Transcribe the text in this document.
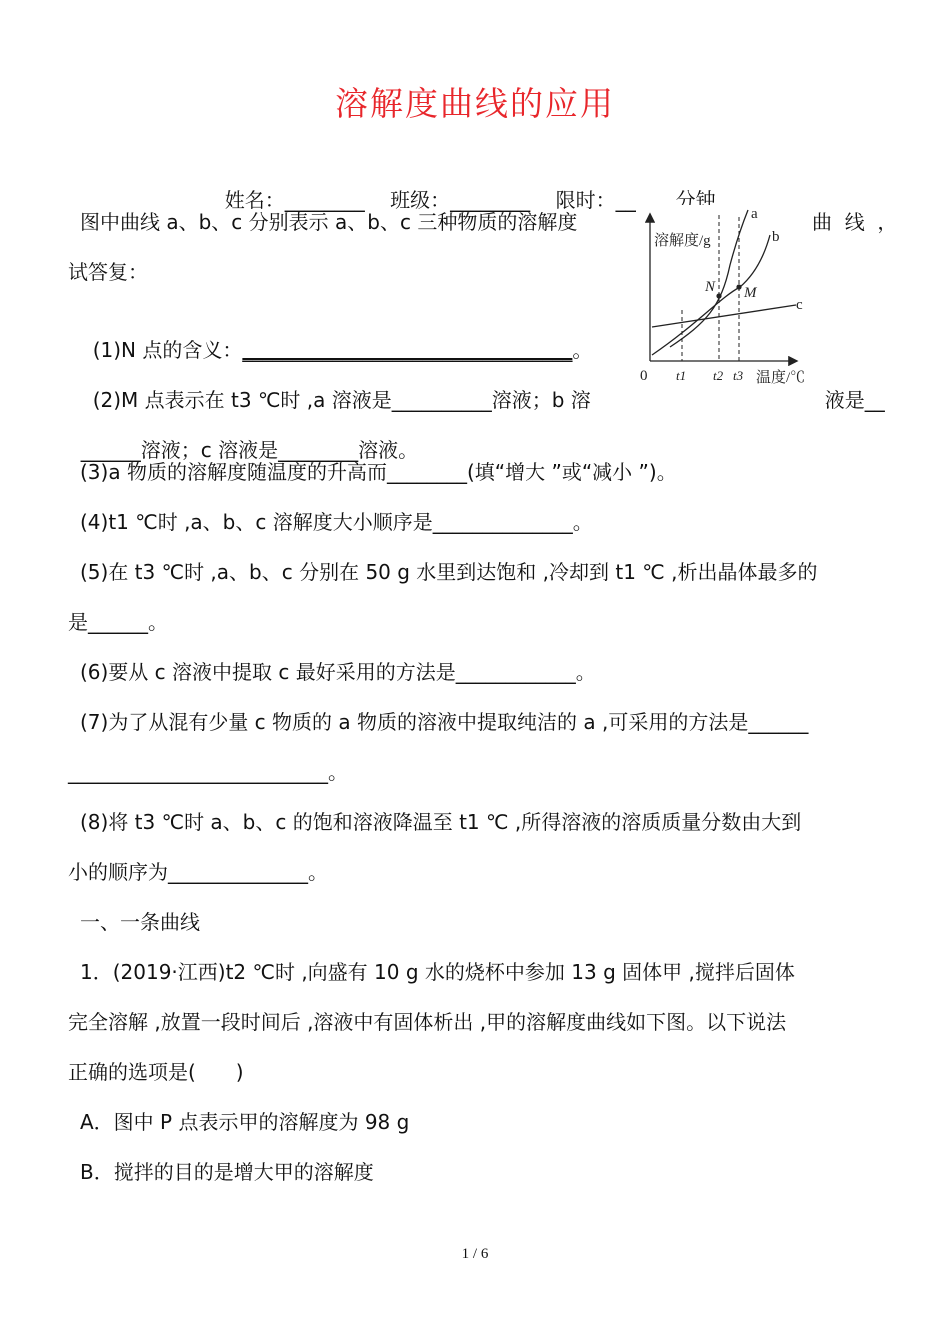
溶解度曲线的应用

姓名：________ 班级：________ 限时：______分钟

图中曲线 a、b、c 分别表示 a、b、c 三种物质的溶解度	曲  线  ，
试答复：
溶解度/g
温度/℃
0
N M
a
b
c
t1 t2 t3

(1)N 点的含义：_________________________________。

(2)M 点表示在 t3 ℃时 ,a 溶液是__________溶液；b 溶	液是__

______溶液；c 溶液是________溶液。

(3)a 物质的溶解度随温度的升高而________(填“增大 ”或“减小 ”)。
(4)t1 ℃时 ,a、b、c 溶解度大小顺序是______________。
(5)在 t3 ℃时 ,a、b、c 分别在 50 g 水里到达饱和 ,冷却到 t1 ℃ ,析出晶体最多的
是______。
(6)要从 c 溶液中提取 c 最好采用的方法是____________。
(7)为了从混有少量 c 物质的 a 物质的溶液中提取纯洁的 a ,可采用的方法是______
__________________________。
(8)将 t3 ℃时 a、b、c 的饱和溶液降温至 t1 ℃ ,所得溶液的溶质质量分数由大到
小的顺序为______________。
一、一条曲线
1．(2019·江西)t2 ℃时 ,向盛有 10 g 水的烧杯中参加 13 g 固体甲 ,搅拌后固体
完全溶解 ,放置一段时间后 ,溶液中有固体析出 ,甲的溶解度曲线如下图。以下说法
正确的选项是(　　)
A．图中 P 点表示甲的溶解度为 98 g
B．搅拌的目的是增大甲的溶解度
1 / 6
